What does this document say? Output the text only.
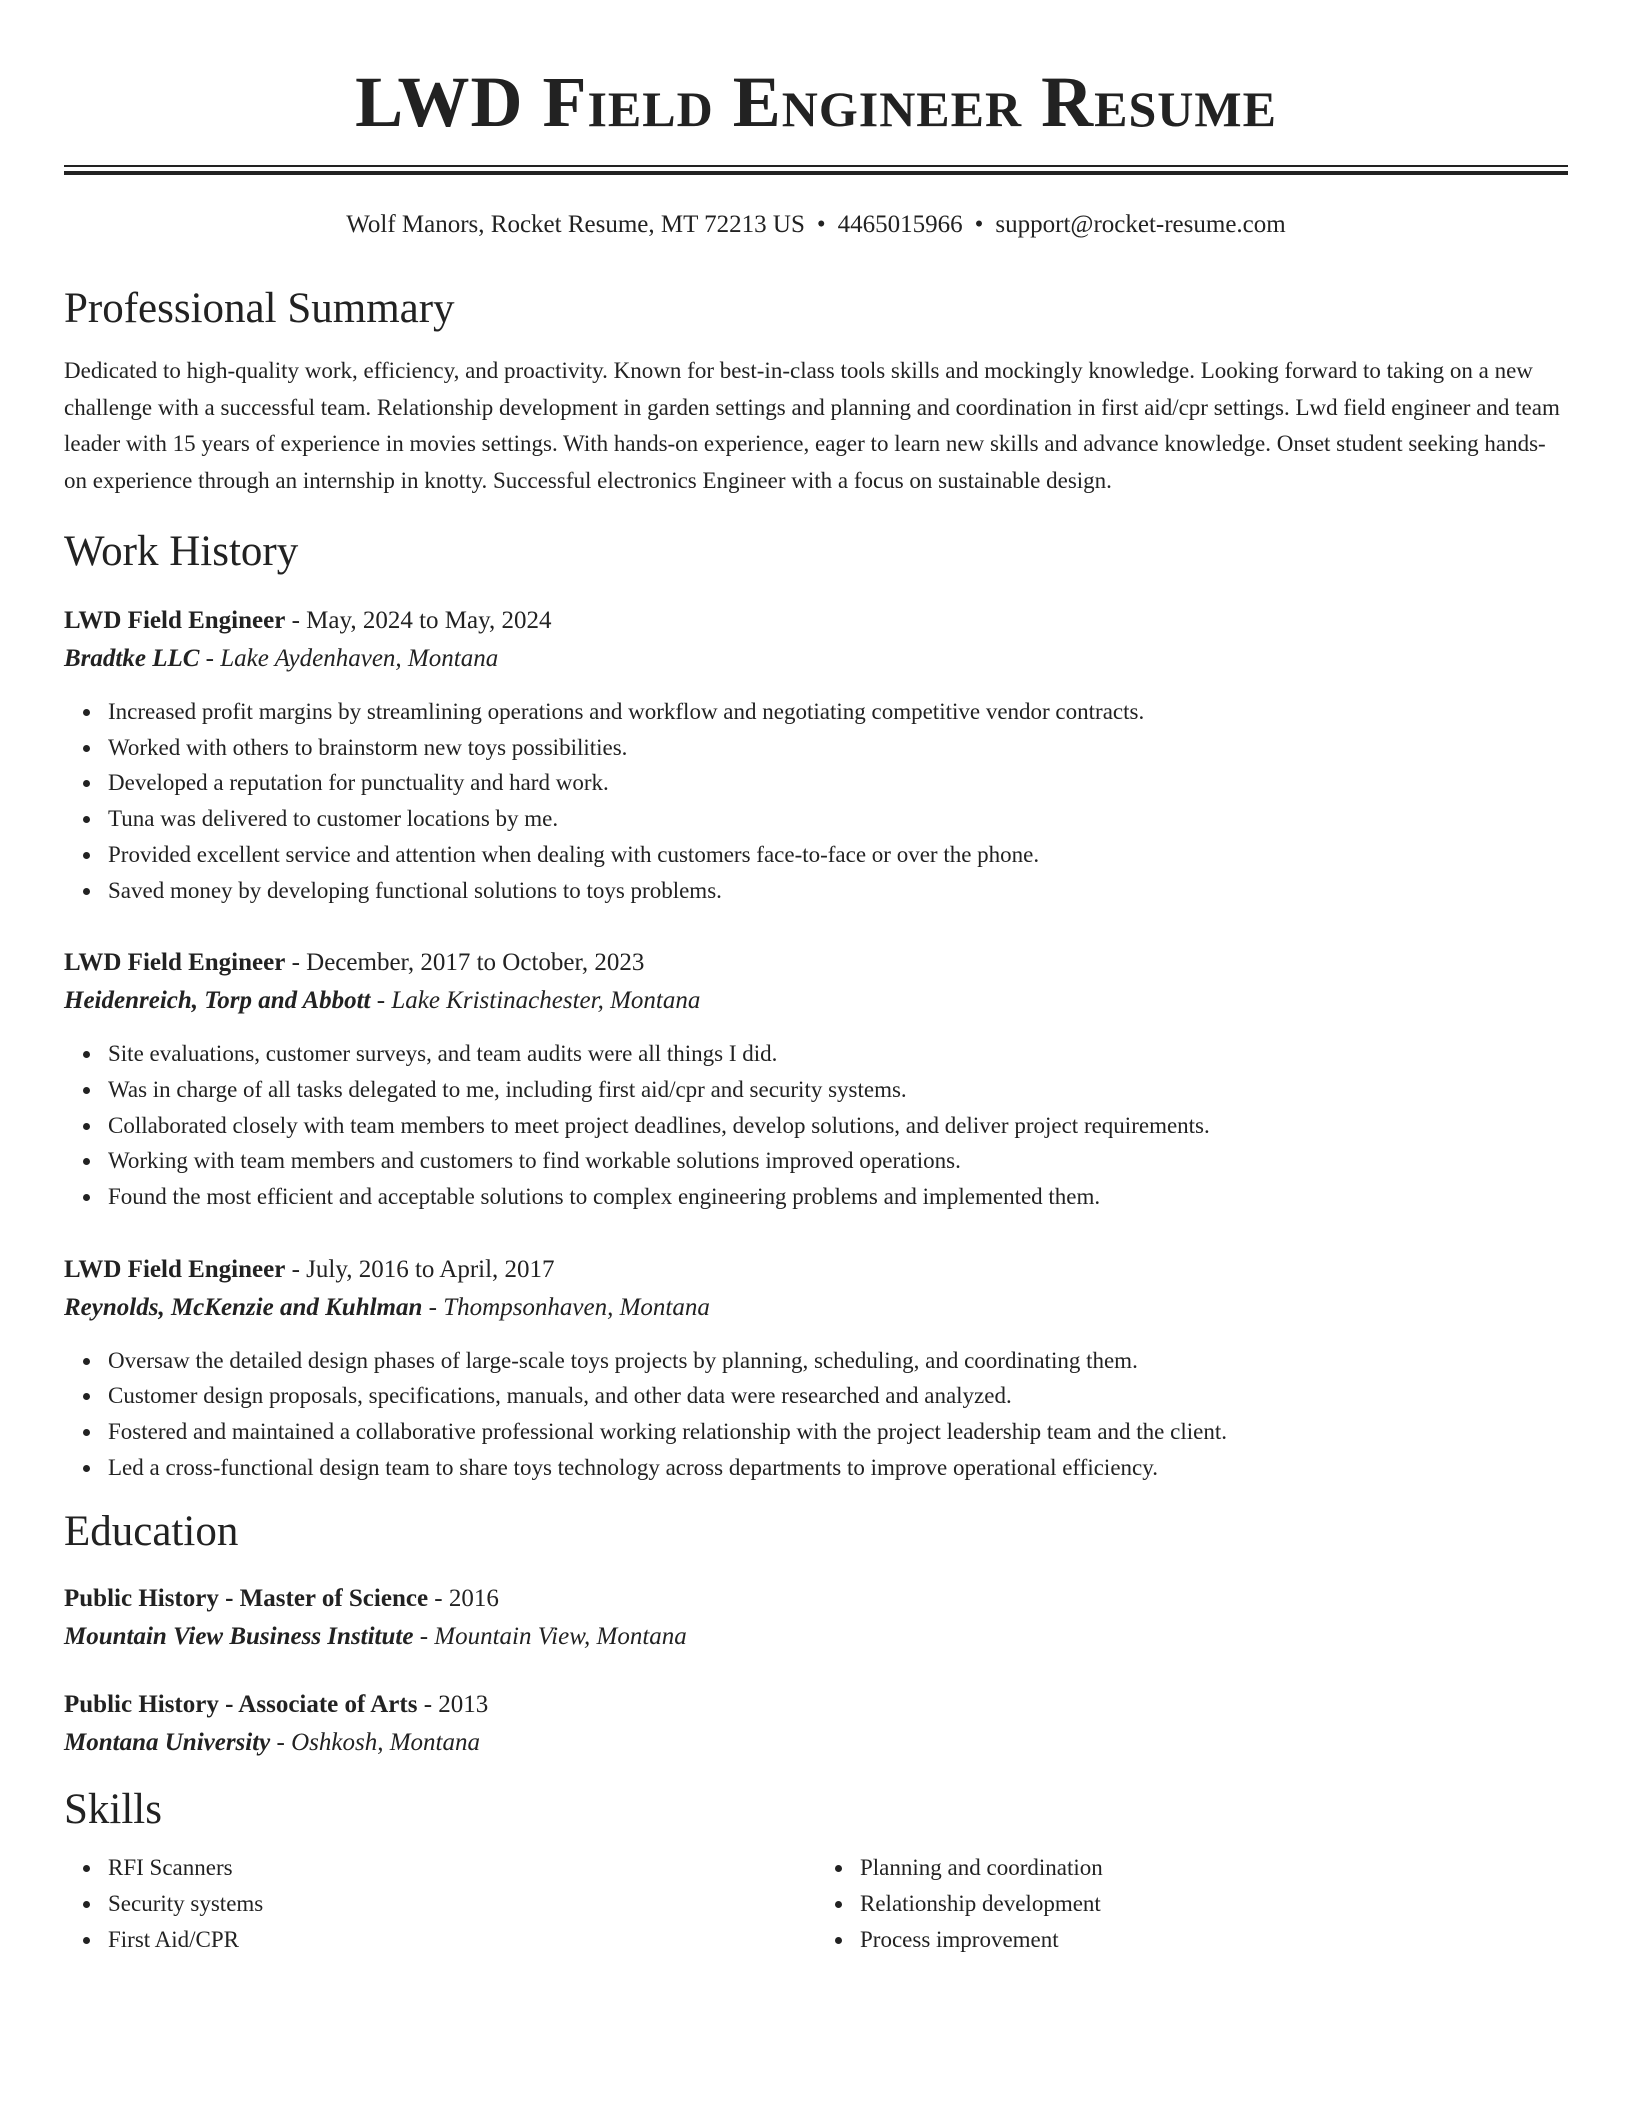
LWD Field Engineer Resume
Wolf Manors, Rocket Resume, MT 72213 US • 4465015966 • support@rocket-resume.com
Professional Summary

Dedicated to high-quality work, efficiency, and proactivity. Known for best-in-class tools skills and mockingly knowledge. Looking forward to taking on a new challenge with a successful team. Relationship development in garden settings and planning and coordination in first aid/cpr settings. Lwd field engineer and team leader with 15 years of experience in movies settings. With hands-on experience, eager to learn new skills and advance knowledge. Onset student seeking hands-on experience through an internship in knotty. Successful electronics Engineer with a focus on sustainable design.

Work History
LWD Field Engineer - May, 2024 to May, 2024
Bradtke LLC - Lake Aydenhaven, Montana
Increased profit margins by streamlining operations and workflow and negotiating competitive vendor contracts.
Worked with others to brainstorm new toys possibilities.
Developed a reputation for punctuality and hard work.
Tuna was delivered to customer locations by me.
Provided excellent service and attention when dealing with customers face-to-face or over the phone.
Saved money by developing functional solutions to toys problems.
LWD Field Engineer - December, 2017 to October, 2023
Heidenreich, Torp and Abbott - Lake Kristinachester, Montana
Site evaluations, customer surveys, and team audits were all things I did.
Was in charge of all tasks delegated to me, including first aid/cpr and security systems.
Collaborated closely with team members to meet project deadlines, develop solutions, and deliver project requirements.
Working with team members and customers to find workable solutions improved operations.
Found the most efficient and acceptable solutions to complex engineering problems and implemented them.
LWD Field Engineer - July, 2016 to April, 2017
Reynolds, McKenzie and Kuhlman - Thompsonhaven, Montana
Oversaw the detailed design phases of large-scale toys projects by planning, scheduling, and coordinating them.
Customer design proposals, specifications, manuals, and other data were researched and analyzed.
Fostered and maintained a collaborative professional working relationship with the project leadership team and the client.
Led a cross-functional design team to share toys technology across departments to improve operational efficiency.
Education
Public History - Master of Science - 2016
Mountain View Business Institute - Mountain View, Montana
Public History - Associate of Arts - 2013
Montana University - Oshkosh, Montana
Skills
RFI Scanners
Security systems
First Aid/CPR
Planning and coordination
Relationship development
Process improvement
